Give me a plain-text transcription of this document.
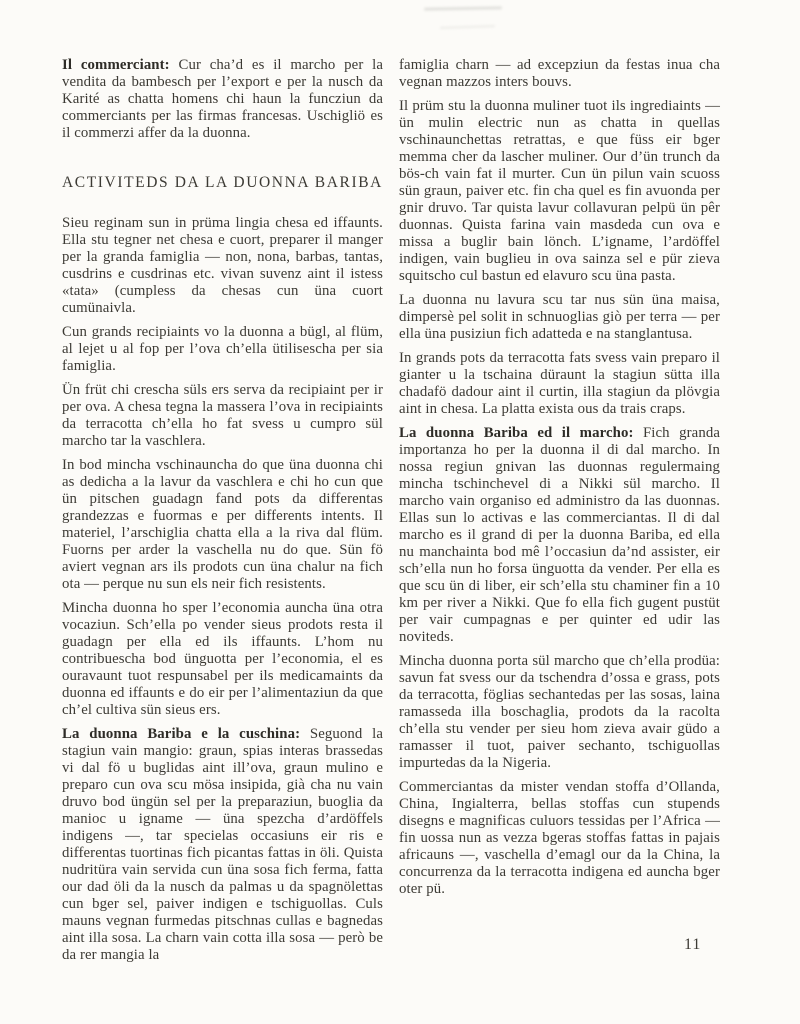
Il commerciant: Cur cha’d es il marcho per la vendita da bambesch per l’export e per la nusch da Karité as chatta homens chi haun la funcziun da commerciants per las firmas francesas. Uschigliö es il commerzi affer da la duonna.

ACTIVITEDS DA LA DUONNA BARIBA

Sieu reginam sun in prüma lingia chesa ed iffaunts. Ella stu tegner net chesa e cuort, preparer il manger per la granda famiglia — non, nona, barbas, tantas, cusdrins e cusdrinas etc. vivan suvenz aint il istess «tata» (cumpless da chesas cun üna cuort cumünaivla.

Cun grands recipiaints vo la duonna a bügl, al flüm, al lejet u al fop per l’ova ch’ella ütilisescha per sia famiglia.

Ün früt chi crescha süls ers serva da recipiaint per ir per ova. A chesa tegna la massera l’ova in recipiaints da terracotta ch’ella ho fat svess u cumpro sül marcho tar la vaschlera.

In bod mincha vschinauncha do que üna duonna chi as dedicha a la lavur da vaschlera e chi ho cun que ün pitschen guadagn fand pots da differentas grandezzas e fuormas e per differents intents. Il materiel, l’arschiglia chatta ella a la riva dal flüm. Fuorns per arder la vaschella nu do que. Sün fö aviert vegnan ars ils prodots cun üna chalur na fich ota — perque nu sun els neir fich resistents.

Mincha duonna ho sper l’economia auncha üna otra vocaziun. Sch’ella po vender sieus prodots resta il guadagn per ella ed ils iffaunts. L’hom nu contribuescha bod ünguotta per l’economia, el es ouravaunt tuot respunsabel per ils medicamaints da duonna ed iffaunts e do eir per l’alimentaziun da que ch’el cultiva sün sieus ers.

La duonna Bariba e la cuschina: Seguond la stagiun vain mangio: graun, spias interas brassedas vi dal fö u buglidas aint ill’ova, graun mulino e preparo cun ova scu mösa insipida, già cha nu vain druvo bod üngün sel per la preparaziun, buoglia da manioc u igname — üna spezcha d’ardöffels indigens —, tar specielas occasiuns eir ris e differentas tuortinas fich picantas fattas in öli. Quista nudritüra vain servida cun üna sosa fich ferma, fatta our dad öli da la nusch da palmas u da spagnölettas cun bger sel, paiver indigen e tschiguollas. Culs mauns vegnan furmedas pitschnas cullas e bagnedas aint illa sosa. La charn vain cotta illa sosa — però be da rer mangia la

famiglia charn — ad excepziun da festas inua cha vegnan mazzos inters bouvs.

Il prüm stu la duonna muliner tuot ils ingrediaints — ün mulin electric nun as chatta in quellas vschinaunchettas retrattas, e que füss eir bger memma cher da lascher muliner. Our d’ün trunch da bös-ch vain fat il murter. Cun ün pilun vain scuoss sün graun, paiver etc. fin cha quel es fin avuonda per gnir druvo. Tar quista lavur collavuran pelpü ün pêr duonnas. Quista farina vain masdeda cun ova e missa a buglir bain lönch. L’igname, l’ardöffel indigen, vain buglieu in ova sainza sel e pür zieva squitscho cul bastun ed elavuro scu üna pasta.

La duonna nu lavura scu tar nus sün üna maisa, dimpersè pel solit in schnuoglias giò per terra — per ella üna pusiziun fich adatteda e na stanglantusa.

In grands pots da terracotta fats svess vain preparo il gianter u la tschaina düraunt la stagiun sütta illa chadafö dadour aint il curtin, illa stagiun da plövgia aint in chesa. La platta exista ous da trais craps.

La duonna Bariba ed il marcho: Fich granda importanza ho per la duonna il di dal marcho. In nossa regiun gnivan las duonnas regulermaing mincha tschinchevel di a Nikki sül marcho. Il marcho vain organiso ed administro da las duonnas. Ellas sun lo activas e las commerciantas. Il di dal marcho es il grand di per la duonna Bariba, ed ella nu manchainta bod mê l’occasiun da’nd assister, eir sch’ella nun ho forsa ünguotta da vender. Per ella es que scu ün di liber, eir sch’ella stu chaminer fin a 10 km per river a Nikki. Que fo ella fich gugent pustüt per vair cumpagnas e per quinter ed udir las noviteds.

Mincha duonna porta sül marcho que ch’ella prodüa: savun fat svess our da tschendra d’ossa e grass, pots da terracotta, föglias sechantedas per las sosas, laina ramasseda illa boschaglia, prodots da la racolta ch’ella stu vender per sieu hom zieva avair güdo a ramasser il tuot, paiver sechanto, tschiguollas impurtedas da la Nigeria.

Commerciantas da mister vendan stoffa d’Ollanda, China, Ingialterra, bellas stoffas cun stupends disegns e magnificas culuors tessidas per l’Africa — fin uossa nun as vezza bgeras stoffas fattas in pajais africauns —, vaschella d’emagl our da la China, la concurrenza da la terracotta indigena ed auncha bger oter pü.

11
